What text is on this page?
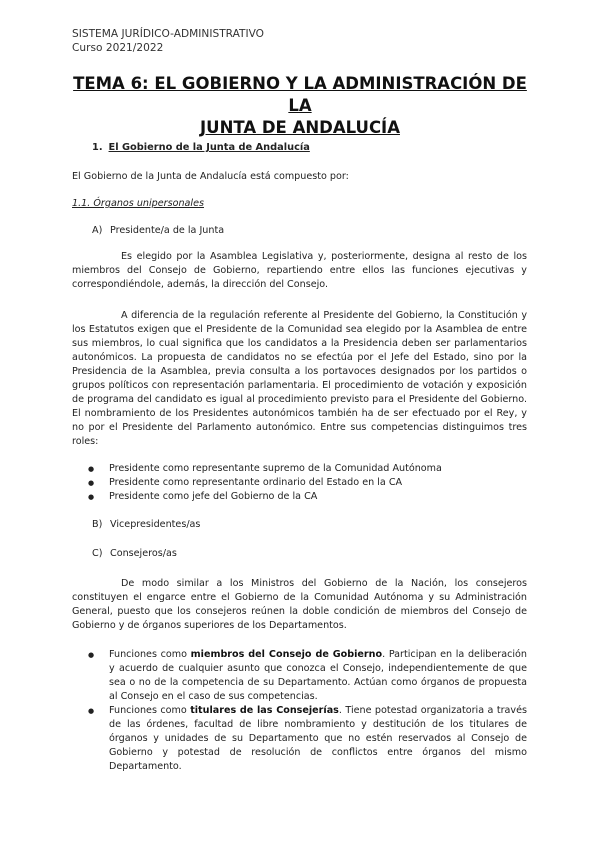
SISTEMA JURÍDICO-ADMINISTRATIVO
Curso 2021/2022
TEMA 6: EL GOBIERNO Y LA ADMINISTRACIÓN DE LA
JUNTA DE ANDALUCÍA
1. El Gobierno de la Junta de Andalucía
El Gobierno de la Junta de Andalucía está compuesto por:
1.1. Órganos unipersonales
A) Presidente/a de la Junta
Es elegido por la Asamblea Legislativa y, posteriormente, designa al resto de los miembros del Consejo de Gobierno, repartiendo entre ellos las funciones ejecutivas y correspondiéndole, además, la dirección del Consejo.
A diferencia de la regulación referente al Presidente del Gobierno, la Constitución y los Estatutos exigen que el Presidente de la Comunidad sea elegido por la Asamblea de entre sus miembros, lo cual significa que los candidatos a la Presidencia deben ser parlamentarios autonómicos. La propuesta de candidatos no se efectúa por el Jefe del Estado, sino por la Presidencia de la Asamblea, previa consulta a los portavoces designados por los partidos o grupos políticos con representación parlamentaria. El procedimiento de votación y exposición de programa del candidato es igual al procedimiento previsto para el Presidente del Gobierno. El nombramiento de los Presidentes autonómicos también ha de ser efectuado por el Rey, y no por el Presidente del Parlamento autonómico. Entre sus competencias distinguimos tres roles:
● Presidente como representante supremo de la Comunidad Autónoma
● Presidente como representante ordinario del Estado en la CA
● Presidente como jefe del Gobierno de la CA
B) Vicepresidentes/as
C) Consejeros/as
De modo similar a los Ministros del Gobierno de la Nación, los consejeros constituyen el engarce entre el Gobierno de la Comunidad Autónoma y su Administración General, puesto que los consejeros reúnen la doble condición de miembros del Consejo de Gobierno y de órganos superiores de los Departamentos.
● Funciones como miembros del Consejo de Gobierno. Participan en la deliberación y acuerdo de cualquier asunto que conozca el Consejo, independientemente de que sea o no de la competencia de su Departamento. Actúan como órganos de propuesta al Consejo en el caso de sus competencias.
● Funciones como titulares de las Consejerías. Tiene potestad organizatoria a través de las órdenes, facultad de libre nombramiento y destitución de los titulares de órganos y unidades de su Departamento que no estén reservados al Consejo de Gobierno y potestad de resolución de conflictos entre órganos del mismo Departamento.
